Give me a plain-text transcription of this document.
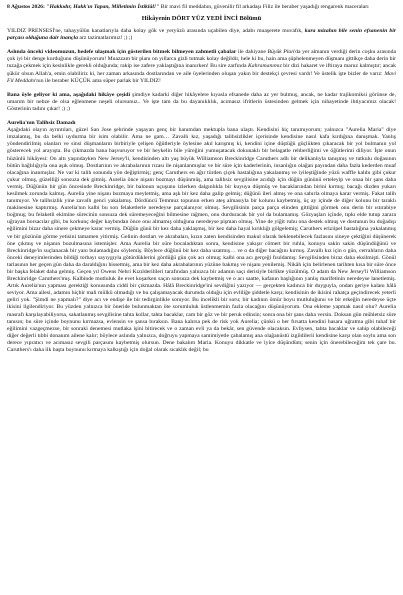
8 Ağustos 2026: "Hakkıdır, Hakk'ın Tapan, Milletimin İstiklâl!" Bir mavi fil meddahın, güvenilir fil arkadaşı Filiz ile beraber yaşadığı rengarenk maceraları

Hikâyenin DÖRT YÜZ YEDİ İNCİ Bölümü

YILDIZ PRENSESİ'ne, tahayyülün kanatlarıyla daha kolay gök ve yeryüzü arasında uçabilen diye, adabı muaşerete muvafık, kara mizahın bile senin efsanenin bir parçası olduğuna dair inançla arz tazimatlarımız! ;) ;)

Aslında önceki videomuzun, hedefe ulaşmak için gösterilen bitmek bilmeyen zahmetli çabalar ile dahiyane Büyük Plan'da yer almanın verdiği derin coşku arasında çok iyi bir denge kurduğunu düşünüyorum! Muazzam bir planı on yıllarca gizli tutmak kolay değildir, hele ki bu, hain ama şüphelenmeyen düşmanı gittikçe daha derin bir tuzağa çekmek için kesinlikle gerekli olduğunda; rakip ise zafere yaklaştığına inanırken! Bu sire zarfında Kahramanımız bir dizi hakaret ve iftiraya maruz kalmıştır; ancak şükür olsun Allah'a, emin olabiliriz ki, her zaman arkasında dostlarından ve aile üyelerinden oluşan yakın bir destekçi çevresi vardı! Ve üstelik işte bizler de varız: Mavi Fil Meddahı'nın ile beraber KÜÇÜK ama süper parlak bir YILDIZ!

Bana öyle geliyor ki ama, aşağıdaki hikâye çeşidi şimdiye kadarki diğer hikâyelere kıyasla efsanede daha az yer bulmuş, ancak, ne kadar trajikomiksi görünse de, umarım bir nebze de olsa eğlenmene neşeli olursunuz.. Ve işte tam da bu dayanıklılık, acımasız ifritlerin üstesinden gelmek için nihayetinde ihtiyacımız olacak! Gösterinin tadını çıkar! ;) ;)

Aurelia'nın Talihsiz Damadı

Aşağıdaki olayın ayrıntıları, güzel San Jose şehrinde yaşayan genç bir hanımdan mektupla bana ulaştı. Kendisini hiç tanımıyorum; yalnızca "Aurelia Maria" diye imzalamış, bu da belki uydurma bir isim olabilir. Ama ne gam… Zavallı kız, yaşadığı talihsizlikler içerisinde kendisine nasıl kafa kırdığına danışmak. Yanlış yöndendirilmiş olanları ve sinsi düşmanların birbiriyle çelişen öğütleriyle öylesine akıl karışmış ki, kendini içine düştüğü güçlükten çıkaracak bir yol bulmanın yol gösterecek yol arayışta. Bu çıkmazda bana başvuruyor ve bir heykelin bile yüreğini yumuşatacak dokunaklı bir belagatle rehberliğimi ve öğütlerimi diliyor. İşte onun hüzünlü hikâyesi: On altı yaşındayken New Jersey'li, kendisinden altı yaş büyük Williamson Breckinridge Caruthers adlı bir delikanlıyla tanışmış ve tutkulu doğasının bütün bağlılığıyla ona aşık olmuş. Dostlarının ve akrabalarının rızası ile nişanlanmışlar ve bir süre için kaderlerinin, insanlığın olağan payından daha fazla kederden muaf olacağına inanmışlar. Ne var ki talih sonunda yön değiştirmiş; genç Caruthers en ağır türden çiçek hastalığına yakalanmış ve iyileştiğinde yüzü waffle kalıbı gibi çukur çukur olmuş, güzelliği sonsuza dek gitmiş. Aurelia önce nişanı bozmayı düşünmüş, ama talihsiz sevgilisine acıdığı için düğün gününü erteleyip ve onaa bir şans daha vermiş. Düğünün bir gün öncesinde Breckinridge, bir balonun uçuşunu izlerken dalgınlıkla bir kuyuya düşmüş ve bacaklarından birini kırmış; bacağı dizden yukarı kesilmek zorunda kalmış. Aurelia yine nişanı bozmaya meyletmiş, ama aşk bir kez daha galip gelmiş; düğünü ileri almış ve ona sabırla olmaya karar vermiş. Fakat talih tanımıyor. Ve talihsizlik yine zavallı genci yakalamış. Dördüncü Temmuz topunun erken ateş almasıyla bir kolunu kaybetmiş, üç ay içinde de diğer kolunu bir taraklı makinesine kaptırmış. Aurelia'nın kalbi bu son felaketlerle neredeyse parçalanıyor olmuş. Sevgilisinin parça parça elinden gittiğini görmek onu derin bir ıstırabiye boğmuş; bu felaketli ekimine sürecinin sonsuza dek süremeyeceğini bilmesine rağmen, onu durduracak bir yol da bulamamış. Gözyaşları içinde, tıpkı elde tutup zarara uğrayan borsacılar gibi, bu korkunç değer kaybından önce onu almamış olduğuna neredeyse pişman olmuş. Yine de yiğit ruhu ona destek olmuş ve dostunun bu doğadışı eğilimini bizar daha sinere çekmeye karar vermiş. Düğün günü bir kez daha yaklaşmış, bir kez daha hayal kırıklığı gölgelemiş; Caruthers eriziipel hastalığına yakalanmış ve bir gözünün görme yetisini tamamen yitirmiş. Gelinin dostları ve akrabaları, kızın zaten kendisinden makul olarak beklenebilecek fazlasını sineye çektiğini düşünerek öne çıkmış ve nişanın bozulmasına istemişler. Ama Aurelia bir süre bocaladıktan sonra, kendisine yakışır cömert bir ruhla, konuyu sakin sakin düşündüğünü ve Breckinridge'in suçlanacak bir yanı bulamadığını söylemiş. Böylece düğünü bir kez daha uzatmış… ve o da diğer bacağını kırmış. Zavallı kız için o gün, cerrahların daha önceki deneyimlerinden bildiği torbayı sayıygıyla götürdüklerini gördüğü gün çok acı olmuş; kalbi ona acı gerçeği fısıldamış: Sevgilisinden biraz daha eksilmişti. Gönül tarlasının her geçen gün daha da daraldığını hissetmiş, ama bir kez daha akrabalarının yüzüne bakmış ve nişanı yenilemiş. Nikâh için belirlenen tarihten kısa bir süre önce bir başka felaket daha gelmiş. Geçen yıl Owens Nehri Kızılderilileri tarafından yalnızca bir adamın saçı derisiyle birlikte yüzülmüş. O adam da New Jersey'li Williamson Breckinridge Caruthers'mış. Kalbinde mutluluk ile evet koşarken saçın sonsuza dek kaybetmiş ve o acı saatte, kafanın başlığının yanlış marifetinin neredeyse lanetlemiş. Artık Aurelia'nın yapması gerektiği konusunda ciddi bir çıkmazda. Hâlâ Breckinridge'ini sevdiğini yazıyor — gerçekten kadınca bir duyguyla, ondan geriye kalanı hâlâ seviyor. Ama ailesi, adamın hiçbir mali mülkü olmadığı ve bu çalışamayacak durumda olduğu için evliliğe şiddetle karşı; kendisinin de ikisini rahatça geçindirecek yeterli geliri yok. "Şimdi ne yapmalı?" diye acı ve endişe ile bir tedirginlikle soruyor. Bu incelikli bir soru; bir kadının ömür boyu mutluluğunu ve bir erkeğin neredeyse üçte ikisini ilgilendiriyor. Bu yüzden yalnızca bir öneride bulunmaktan öte sorumluluk üstlenmemin fazla olacağını düşünüyorum. Ona ekleme yapmak nasıl olur? Aurelia masrafı karşılayabiliyorsa, sakatlanmış sevgilisine tahta kollar, tahta bacaklar, cam bir göz ve bir peruk edinsin; sonra ona bir şans daha versin. Doksan gün mühletsiz süre tanısın; bu süre içinde boynunu kırmazsa, evlensin ve şansa bıraksın. Bana kalırsa pek de risk yok Aurelia; çünkü o her fırsatta kendini hasara uğratma gibi tuhaf bir eğilimini vazgeçmezse, bir sonraki denemesi mutlaka işini bitirecek ve o zaman evli ya da bekâr, sen güvende olacaksın. Evliysen, tahta bacaklar ve sahip olabileceği diğer değerli tıbbi donanım ailene kalır; böylece aslında yalnızca, doğruyu yapmaya samimiyetle çabalamış ana olağanüstü izgildilerii kendisine karşı olan soylu ama son derece yıpratıcı ve acımasız sevgili parçasını kaybetmiş olursun. Dene bakalım Maria. Konuyu dikkatle ve iyice düşündüm; senin için önerebileceğim tek çare bu. Caruthers'ı daha ilk başta boynunu kırmaya kalkıştığı için doğal olarak sıcaklık değil; bu
